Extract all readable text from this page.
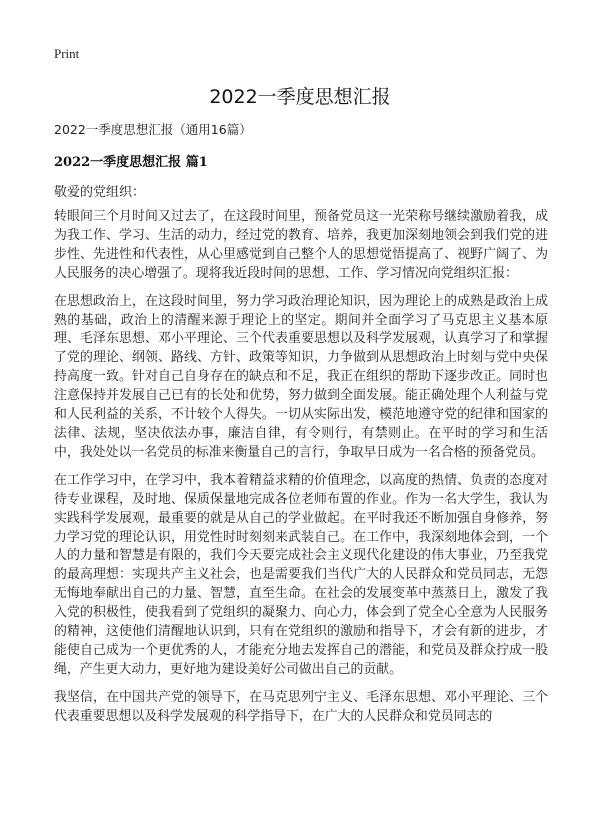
Print
2022一季度思想汇报
2022一季度思想汇报（通用16篇）
2022一季度思想汇报 篇1
敬爱的党组织：

转眼间三个月时间又过去了，在这段时间里，预备党员这一光荣称号继续激励着我，成为我工作、学习、生活的动力，经过党的教育、培养，我更加深刻地领会到我们党的进步性、先进性和代表性，从心里感觉到自己整个人的思想觉悟提高了、视野广阔了、为人民服务的决心增强了。现将我近段时间的思想、工作、学习情况向党组织汇报：

在思想政治上，在这段时间里，努力学习政治理论知识，因为理论上的成熟是政治上成熟的基础，政治上的清醒来源于理论上的坚定。期间并全面学习了马克思主义基本原理、毛泽东思想、邓小平理论、三个代表重要思想以及科学发展观，认真学习了和掌握了党的理论、纲领、路线、方针、政策等知识，力争做到从思想政治上时刻与党中央保持高度一致。针对自己自身存在的缺点和不足，我正在组织的帮助下逐步改正。同时也注意保持并发展自己已有的长处和优势，努力做到全面发展。能正确处理个人利益与党和人民利益的关系，不计较个人得失。一切从实际出发，模范地遵守党的纪律和国家的法律、法规，坚决依法办事，廉洁自律，有令则行，有禁则止。在平时的学习和生活中，我处处以一名党员的标准来衡量自己的言行，争取早日成为一名合格的预备党员。

在工作学习中，在学习中，我本着精益求精的价值理念，以高度的热情、负责的态度对待专业课程，及时地、保质保量地完成各位老师布置的作业。作为一名大学生，我认为实践科学发展观，最重要的就是从自己的学业做起。在平时我还不断加强自身修养，努力学习党的理论认识，用党性时时刻刻来武装自己。在工作中，我深刻地体会到，一个人的力量和智慧是有限的，我们今天要完成社会主义现代化建设的伟大事业，乃至我党的最高理想：实现共产主义社会，也是需要我们当代广大的人民群众和党员同志，无怨无悔地奉献出自己的力量、智慧，直至生命。在社会的发展变革中蒸蒸日上，激发了我入党的积极性，使我看到了党组织的凝聚力、向心力，体会到了党全心全意为人民服务的精神，这使他们清醒地认识到，只有在党组织的激励和指导下，才会有新的进步，才能使自己成为一个更优秀的人，才能充分地去发挥自己的潜能，和党员及群众拧成一股绳，产生更大动力，更好地为建设美好公司做出自己的贡献。

我坚信，在中国共产党的领导下，在马克思列宁主义、毛泽东思想、邓小平理论、三个代表重要思想以及科学发展观的科学指导下，在广大的人民群众和党员同志的
